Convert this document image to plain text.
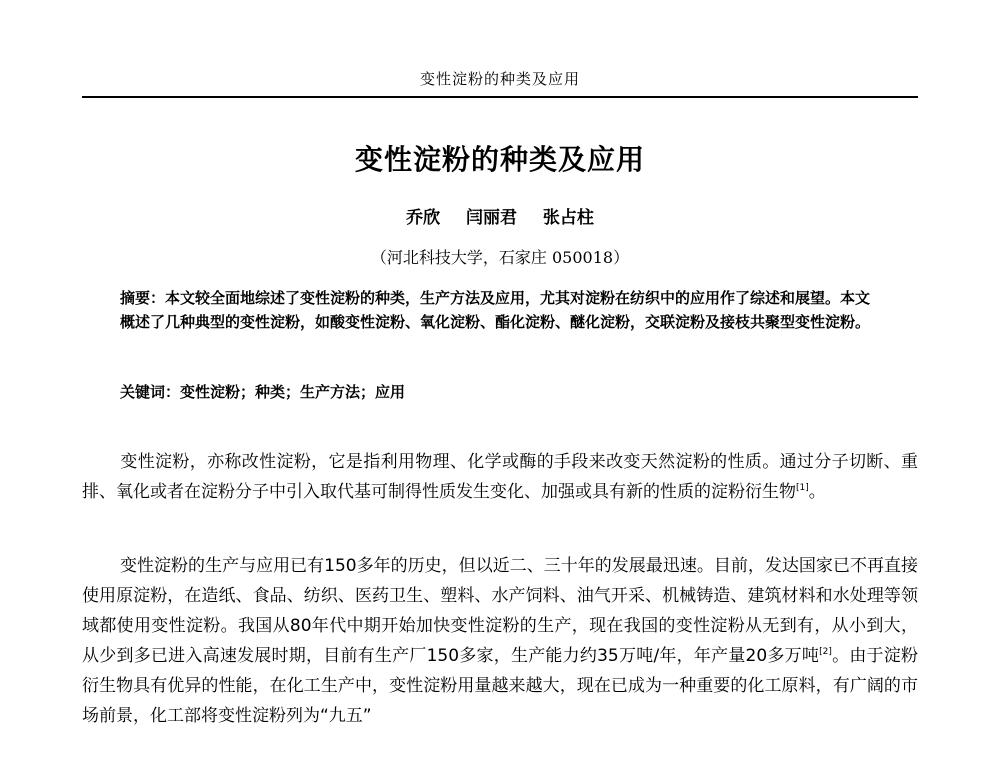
变性淀粉的种类及应用
变性淀粉的种类及应用
乔欣 闫丽君 张占柱
（河北科技大学，石家庄 050018）
摘要：本文较全面地综述了变性淀粉的种类，生产方法及应用，尤其对淀粉在纺织中的应用作了综述和展望。本文概述了几种典型的变性淀粉，如酸变性淀粉、氧化淀粉、酯化淀粉、醚化淀粉，交联淀粉及接枝共聚型变性淀粉。
关键词：变性淀粉；种类；生产方法；应用
变性淀粉，亦称改性淀粉，它是指利用物理、化学或酶的手段来改变天然淀粉的性质。通过分子切断、重排、氧化或者在淀粉分子中引入取代基可制得性质发生变化、加强或具有新的性质的淀粉衍生物[1]。
变性淀粉的生产与应用已有150多年的历史，但以近二、三十年的发展最迅速。目前，发达国家已不再直接使用原淀粉，在造纸、食品、纺织、医药卫生、塑料、水产饲料、油气开采、机械铸造、建筑材料和水处理等领域都使用变性淀粉。我国从80年代中期开始加快变性淀粉的生产，现在我国的变性淀粉从无到有，从小到大，从少到多已进入高速发展时期，目前有生产厂150多家，生产能力约35万吨/年，年产量20多万吨[2]。由于淀粉衍生物具有优异的性能，在化工生产中，变性淀粉用量越来越大，现在已成为一种重要的化工原料，有广阔的市场前景，化工部将变性淀粉列为“九五”
